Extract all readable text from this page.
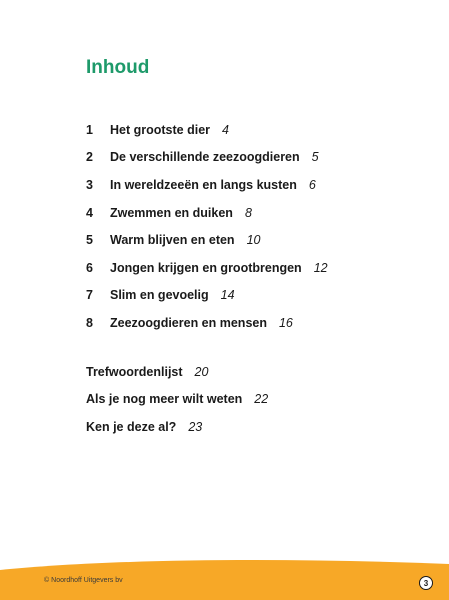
Inhoud
1	Het grootste dier 4
2	De verschillende zeezoogdieren 5
3	In wereldzeeën en langs kusten 6
4	Zwemmen en duiken 8
5	Warm blijven en eten 10
6	Jongen krijgen en grootbrengen 12
7	Slim en gevoelig 14
8	Zeezoogdieren en mensen 16
Trefwoordenlijst 20
Als je nog meer wilt weten 22
Ken je deze al? 23
© Noordhoff Uitgevers bv	3
